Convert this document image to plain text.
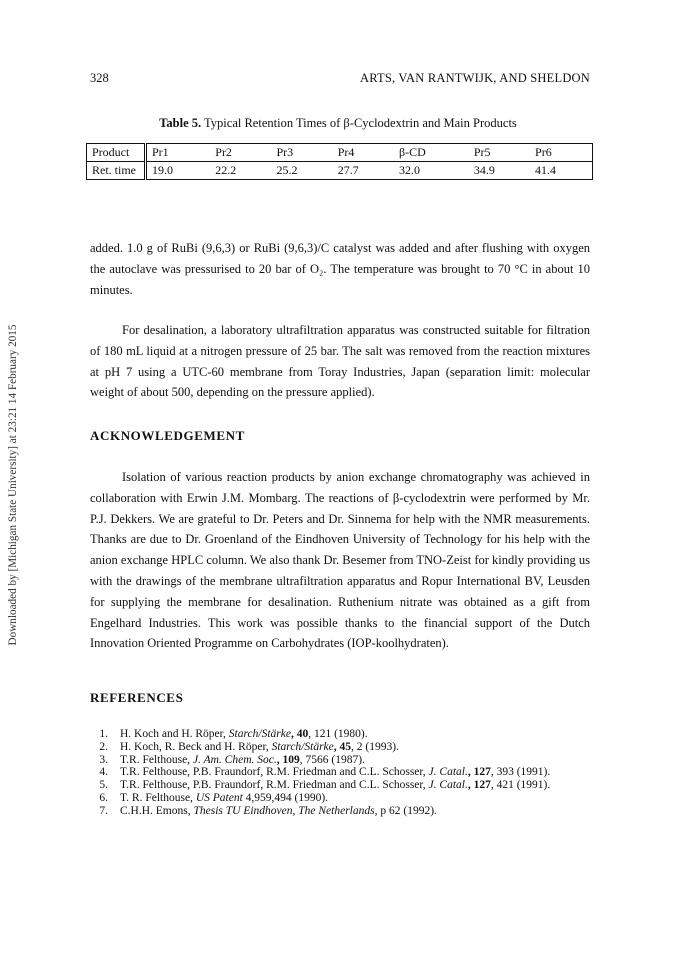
Downloaded by [Michigan State University] at 23:21 14 February 2015
328	ARTS, VAN RANTWIJK, AND SHELDON
Table 5. Typical Retention Times of β-Cyclodextrin and Main Products
Product	Pr1	Pr2	Pr3	Pr4	β-CD	Pr5	Pr6
Ret. time	19.0	22.2	25.2	27.7	32.0	34.9	41.4
added. 1.0 g of RuBi (9,6,3) or RuBi (9,6,3)/C catalyst was added and after flushing with oxygen the autoclave was pressurised to 20 bar of O₂. The temperature was brought to 70 °C in about 10 minutes.
For desalination, a laboratory ultrafiltration apparatus was constructed suitable for filtration of 180 mL liquid at a nitrogen pressure of 25 bar. The salt was removed from the reaction mixtures at pH 7 using a UTC-60 membrane from Toray Industries, Japan (separation limit: molecular weight of about 500, depending on the pressure applied).
ACKNOWLEDGEMENT
Isolation of various reaction products by anion exchange chromatography was achieved in collaboration with Erwin J.M. Mombarg. The reactions of β-cyclodextrin were performed by Mr. P.J. Dekkers. We are grateful to Dr. Peters and Dr. Sinnema for help with the NMR measurements. Thanks are due to Dr. Groenland of the Eindhoven University of Technology for his help with the anion exchange HPLC column. We also thank Dr. Besemer from TNO-Zeist for kindly providing us with the drawings of the membrane ultrafiltration apparatus and Ropur International BV, Leusden for supplying the membrane for desalination. Ruthenium nitrate was obtained as a gift from Engelhard Industries. This work was possible thanks to the financial support of the Dutch Innovation Oriented Programme on Carbohydrates (IOP-koolhydraten).
REFERENCES
1. H. Koch and H. Röper, Starch/Stärke, 40, 121 (1980).
2. H. Koch, R. Beck and H. Röper, Starch/Stärke, 45, 2 (1993).
3. T.R. Felthouse, J. Am. Chem. Soc., 109, 7566 (1987).
4. T.R. Felthouse, P.B. Fraundorf, R.M. Friedman and C.L. Schosser, J. Catal., 127, 393 (1991).
5. T.R. Felthouse, P.B. Fraundorf, R.M. Friedman and C.L. Schosser, J. Catal., 127, 421 (1991).
6. T. R. Felthouse, US Patent 4,959,494 (1990).
7. C.H.H. Emons, Thesis TU Eindhoven, The Netherlands, p 62 (1992).
